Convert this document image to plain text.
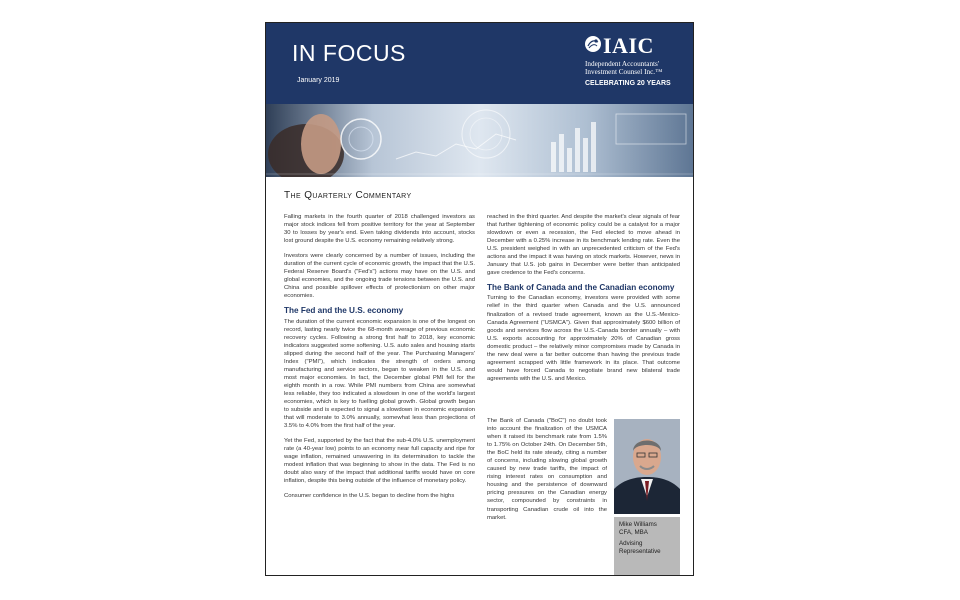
IN FOCUS
January 2019
IAIC
Independent Accountants'
Investment Counsel Inc.™
CELEBRATING 20 YEARS
The Quarterly Commentary

Falling markets in the fourth quarter of 2018 challenged investors as major stock indices fell from positive territory for the year at September 30 to losses by year's end. Even taking dividends into account, stocks lost ground despite the U.S. economy remaining relatively strong.

Investors were clearly concerned by a number of issues, including the duration of the current cycle of economic growth, the impact that the U.S. Federal Reserve Board's ("Fed's") actions may have on the U.S. and global economies, and the ongoing trade tensions between the U.S. and China and possible spillover effects of protectionism on other major economies.

The Fed and the U.S. economy

The duration of the current economic expansion is one of the longest on record, lasting nearly twice the 68-month average of previous economic recovery cycles. Following a strong first half to 2018, key economic indicators suggested some softening. U.S. auto sales and housing starts slipped during the second half of the year. The Purchasing Managers' Index ("PMI"), which indicates the strength of orders among manufacturing and service sectors, began to weaken in the U.S. and most major economies. In fact, the December global PMI fell for the eighth month in a row. While PMI numbers from China are somewhat less reliable, they too indicated a slowdown in one of the world's largest economies, which is key to fuelling global growth. Global growth began to subside and is expected to signal a slowdown in economic expansion that will moderate to 3.0% annually, somewhat less than projections of 3.5% to 4.0% from the first half of the year.

Yet the Fed, supported by the fact that the sub-4.0% U.S. unemployment rate (a 40-year low) points to an economy near full capacity and ripe for wage inflation, remained unwavering in its determination to tackle the modest inflation that was beginning to show in the data. The Fed is no doubt also wary of the impact that additional tariffs would have on core inflation, despite this being outside of the influence of monetary policy.

Consumer confidence in the U.S. began to decline from the highs

reached in the third quarter. And despite the market's clear signals of fear that further tightening of economic policy could be a catalyst for a major slowdown or even a recession, the Fed elected to move ahead in December with a 0.25% increase in its benchmark lending rate. Even the U.S. president weighed in with an unprecedented criticism of the Fed's actions and the impact it was having on stock markets. However, news in January that U.S. job gains in December were better than anticipated gave credence to the Fed's concerns.

The Bank of Canada and the Canadian economy

Turning to the Canadian economy, investors were provided with some relief in the third quarter when Canada and the U.S. announced finalization of a revised trade agreement, known as the U.S.-Mexico-Canada Agreement ("USMCA"). Given that approximately $600 billion of goods and services flow across the U.S.-Canada border annually – with U.S. exports accounting for approximately 20% of Canadian gross domestic product – the relatively minor compromises made by Canada in the new deal were a far better outcome than having the previous trade agreement scrapped with little framework in its place. That outcome would have forced Canada to negotiate brand new bilateral trade agreements with the U.S. and Mexico.

The Bank of Canada ("BoC") no doubt took into account the finalization of the USMCA when it raised its benchmark rate from 1.5% to 1.75% on October 24th. On December 5th, the BoC held its rate steady, citing a number of concerns, including slowing global growth caused by new trade tariffs, the impact of rising interest rates on consumption and housing and the persistence of downward pricing pressures on the Canadian energy sector, compounded by constraints in transporting Canadian crude oil into the market.

Mike Williams
CFA, MBA
Advising
Representative
